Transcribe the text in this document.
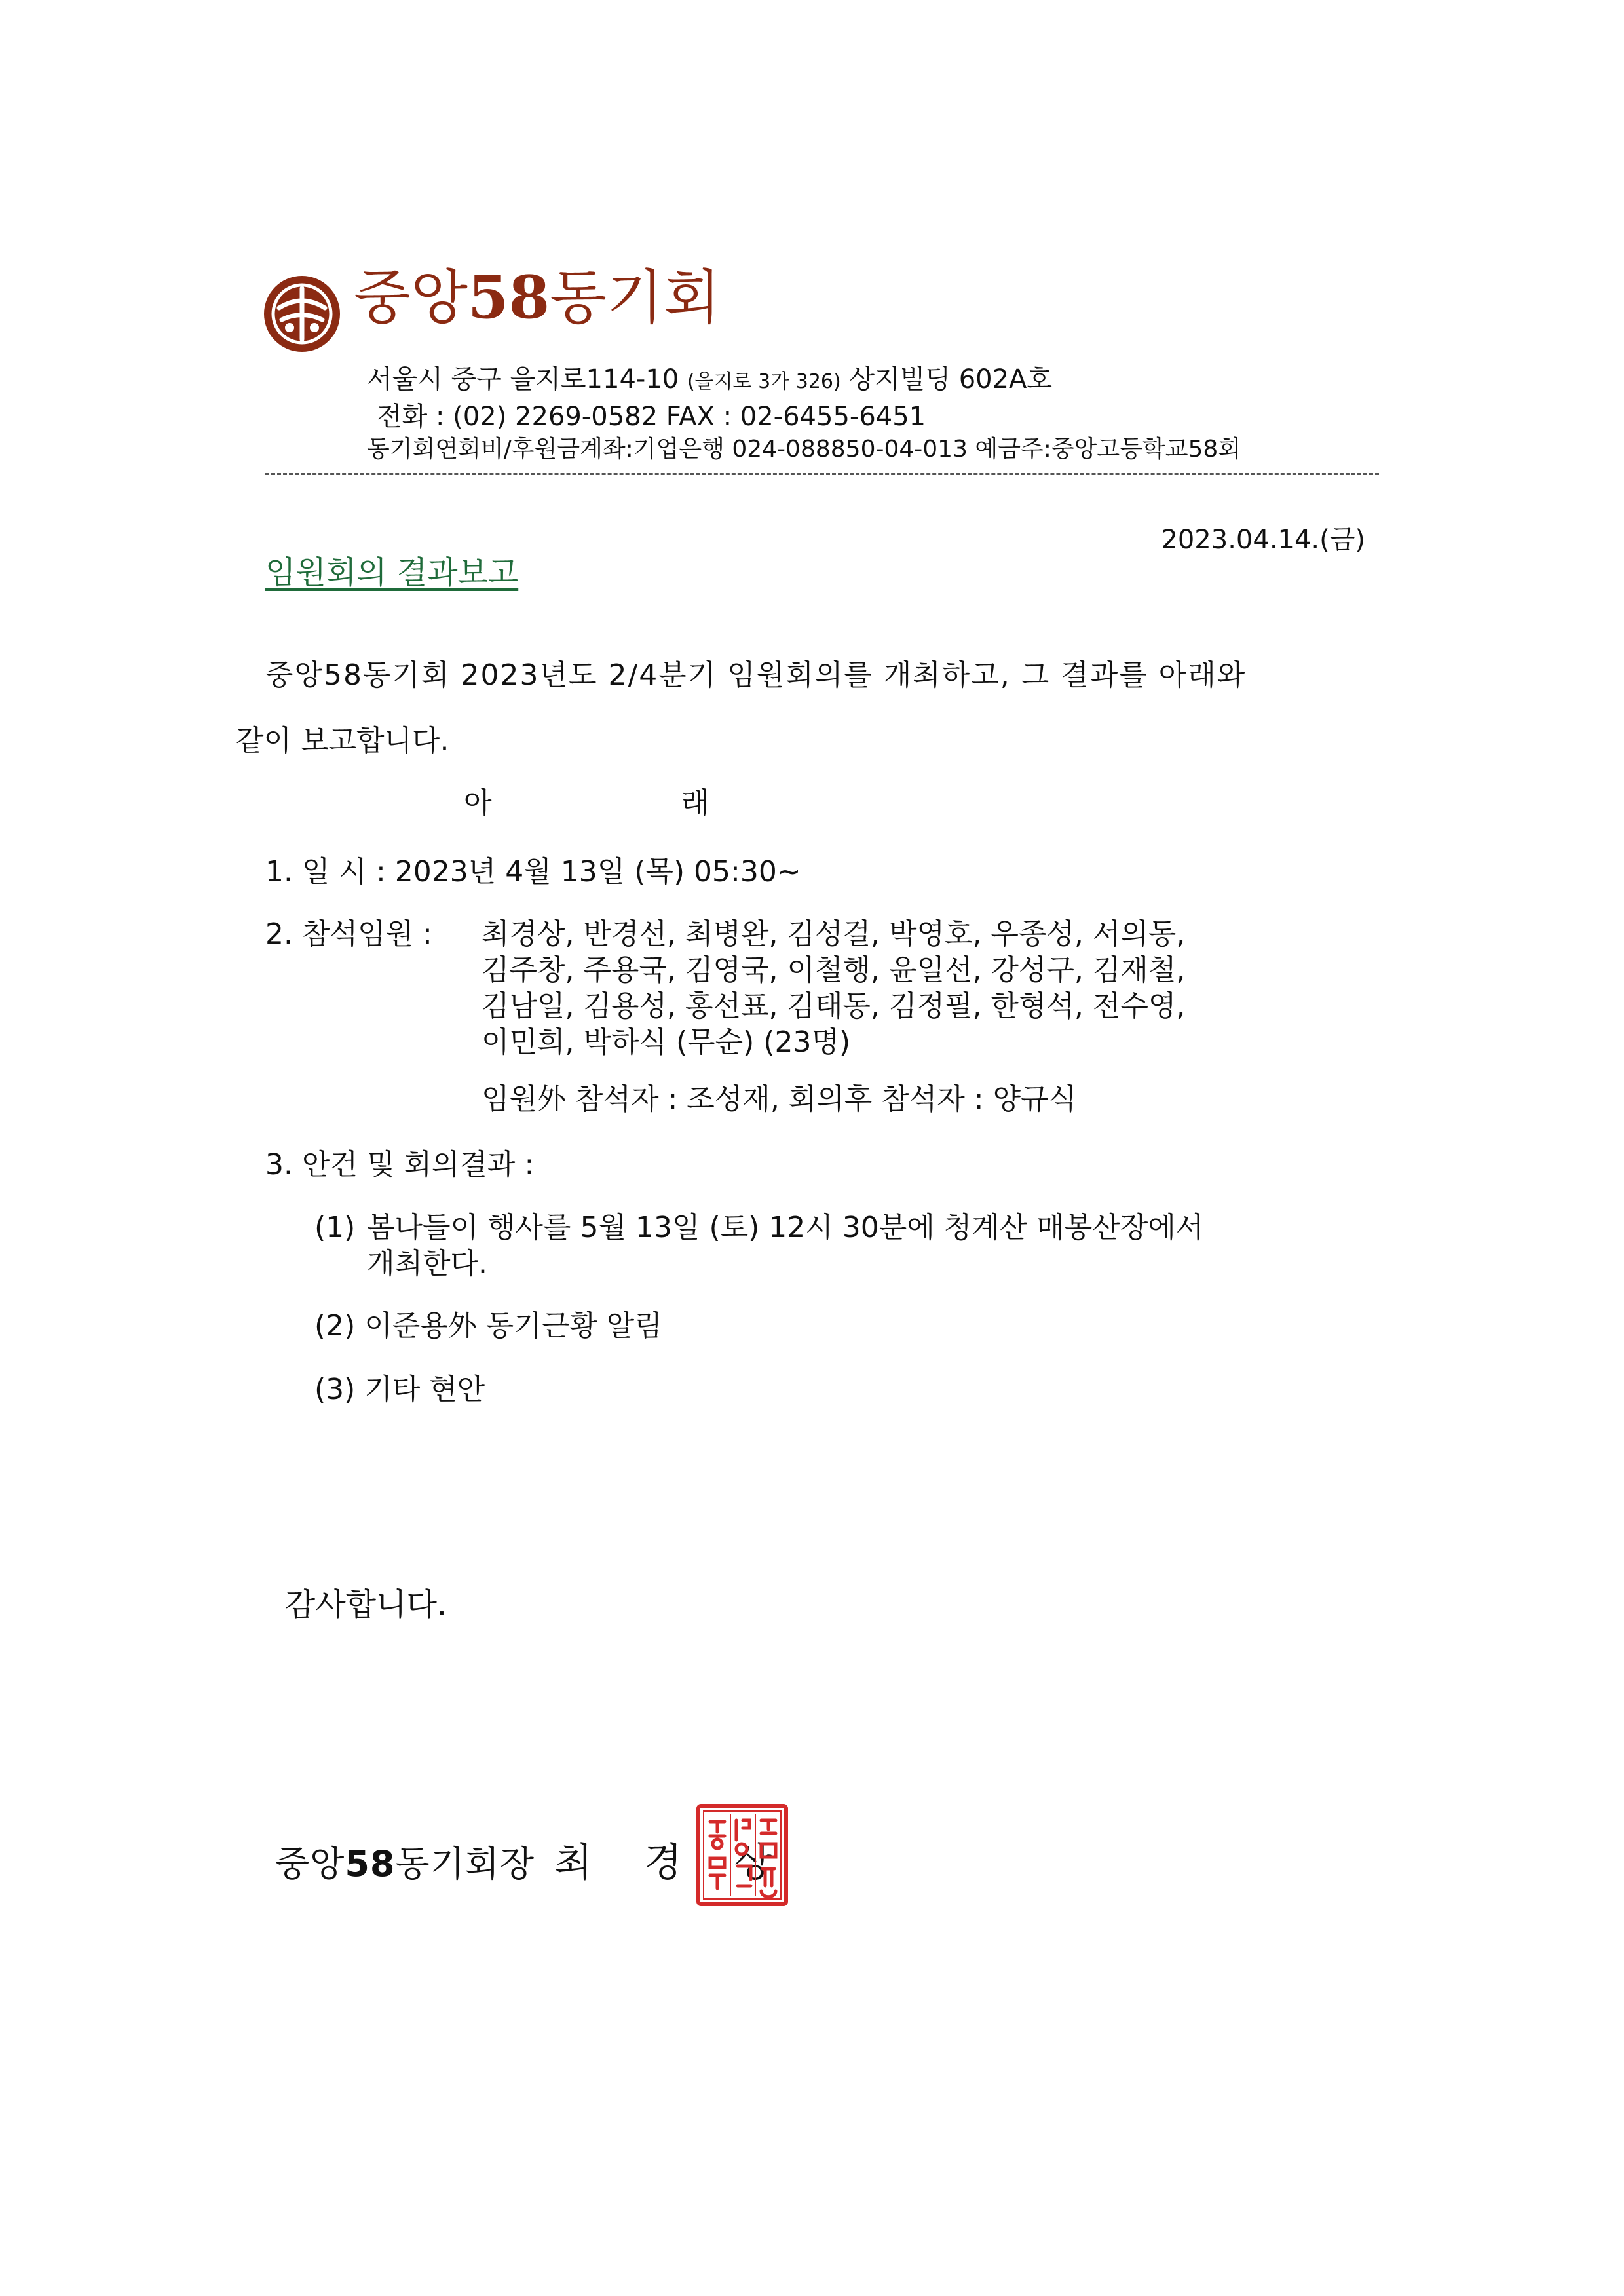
중앙58동기회
서울시 중구 을지로114-10 (을지로 3가 326) 상지빌딩 602A호
전화 : (02) 2269-0582 FAX : 02-6455-6451
동기회연회비/후원금계좌:기업은행 024-088850-04-013 예금주:중앙고등학교58회
2023.04.14.(금)
임원회의 결과보고
중앙58동기회 2023년도 2/4분기 임원회의를 개최하고, 그 결과를 아래와
같이 보고합니다.
아	래
1. 일 시 : 2023년 4월 13일 (목) 05:30~
2. 참석임원 : 최경상, 반경선, 최병완, 김성걸, 박영호, 우종성, 서의동,
김주창, 주용국, 김영국, 이철행, 윤일선, 강성구, 김재철,
김남일, 김용성, 홍선표, 김태동, 김정필, 한형석, 전수영,
이민희, 박하식 (무순) (23명)
임원外 참석자 : 조성재, 회의후 참석자 : 양규식
3. 안건 및 회의결과 :
(1) 봄나들이 행사를 5월 13일 (토) 12시 30분에 청계산 매봉산장에서
개최한다.
(2) 이준용外 동기근황 알림
(3) 기타 현안
감사합니다.
중앙58동기회장 최 경 상
